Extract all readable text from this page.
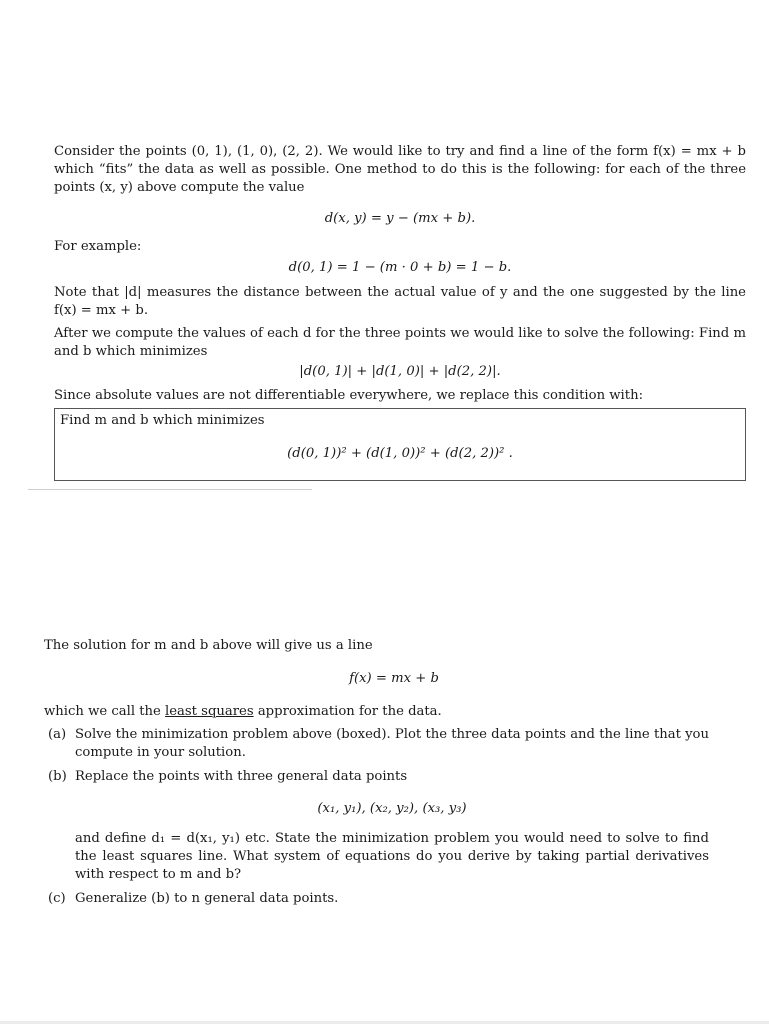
Consider the points (0, 1), (1, 0), (2, 2). We would like to try and find a line of the form f(x) = mx + b which “fits” the data as well as possible. One method to do this is the following: for each of the three points (x, y) above compute the value

d(x, y) = y − (mx + b).
For example:
d(0, 1) = 1 − (m · 0 + b) = 1 − b.

Note that |d| measures the distance between the actual value of y and the one suggested by the line f(x) = mx + b.

After we compute the values of each d for the three points we would like to solve the following: Find m and b which minimizes

|d(0, 1)| + |d(1, 0)| + |d(2, 2)|.
Since absolute values are not differentiable everywhere, we replace this condition with:
Find m and b which minimizes
(d(0, 1))² + (d(1, 0))² + (d(2, 2))² .
The solution for m and b above will give us a line
f(x) = mx + b
which we call the least squares approximation for the data.
(a) Solve the minimization problem above (boxed). Plot the three data points and the line that you compute in your solution.
(b) Replace the points with three general data points
(x₁, y₁), (x₂, y₂), (x₃, y₃)
and define d₁ = d(x₁, y₁) etc. State the minimization problem you would need to solve to find the least squares line. What system of equations do you derive by taking partial derivatives with respect to m and b?
(c) Generalize (b) to n general data points.
